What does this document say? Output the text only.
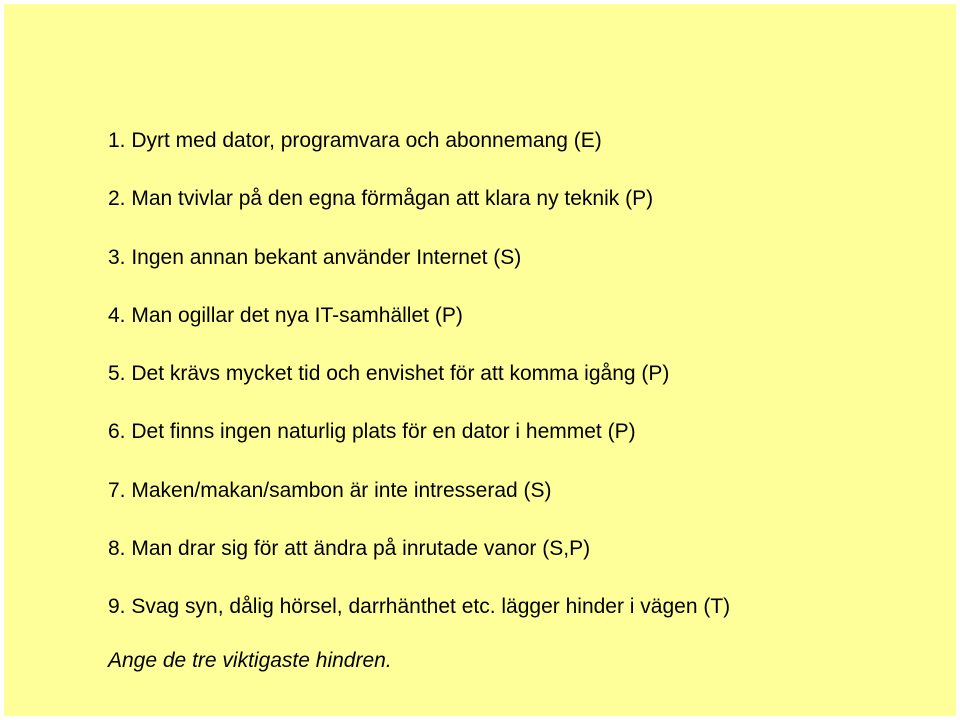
1. Dyrt med dator, programvara och abonnemang (E)
2. Man tvivlar på den egna förmågan att klara ny teknik (P)
3. Ingen annan bekant använder Internet (S)
4. Man ogillar det nya IT-samhället (P)
5. Det krävs mycket tid och envishet för att komma igång (P)
6. Det finns ingen naturlig plats för en dator i hemmet (P)
7. Maken/makan/sambon är inte intresserad (S)
8. Man drar sig för att ändra på inrutade vanor (S,P)
9. Svag syn, dålig hörsel, darrhänthet etc. lägger hinder i vägen (T)
Ange de tre viktigaste hindren.
